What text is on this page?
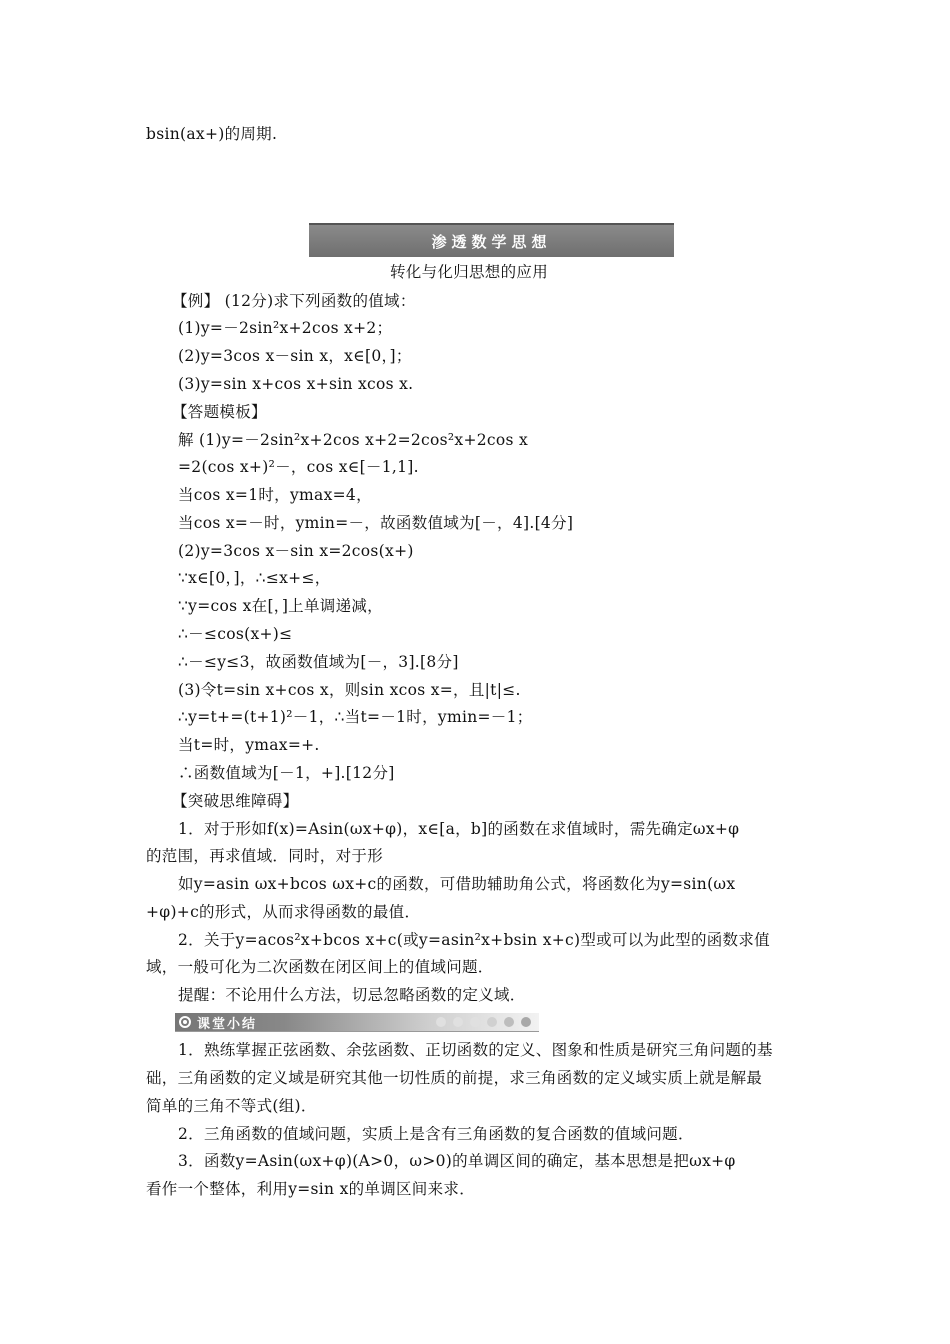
bsin(ax+)的周期.
渗透数学思想
转化与化归思想的应用
【例】 (12分)求下列函数的值域：
(1)y=－2sin²x+2cos x+2；
(2)y=3cos x－sin x，x∈[0，]；
(3)y=sin x+cos x+sin xcos x.
【答题模板】
解 (1)y=－2sin²x+2cos x+2=2cos²x+2cos x
=2(cos x+)²－，cos x∈[－1,1].
当cos x=1时，ymax=4，
当cos x=－时，ymin=－，故函数值域为[－，4].[4分]
(2)y=3cos x－sin x=2cos(x+)
∵x∈[0，]，∴≤x+≤，
∵y=cos x在[，]上单调递减，
∴－≤cos(x+)≤
∴－≤y≤3，故函数值域为[－，3].[8分]
(3)令t=sin x+cos x，则sin xcos x=，且|t|≤.
∴y=t+=(t+1)²－1，∴当t=－1时，ymin=－1；
当t=时，ymax=+.
∴函数值域为[－1，+].[12分]
【突破思维障碍】
1．对于形如f(x)=Asin(ωx+φ)，x∈[a，b]的函数在求值域时，需先确定ωx+φ
的范围，再求值域．同时，对于形
如y=asin ωx+bcos ωx+c的函数，可借助辅助角公式，将函数化为y=sin(ωx
+φ)+c的形式，从而求得函数的最值．
2．关于y=acos²x+bcos x+c(或y=asin²x+bsin x+c)型或可以为此型的函数求值
域，一般可化为二次函数在闭区间上的值域问题．
提醒：不论用什么方法，切忌忽略函数的定义域．
课堂小结
1．熟练掌握正弦函数、余弦函数、正切函数的定义、图象和性质是研究三角问题的基
础，三角函数的定义域是研究其他一切性质的前提，求三角函数的定义域实质上就是解最
简单的三角不等式(组)．
2．三角函数的值域问题，实质上是含有三角函数的复合函数的值域问题．
3．函数y=Asin(ωx+φ)(A>0，ω>0)的单调区间的确定，基本思想是把ωx+φ
看作一个整体，利用y=sin x的单调区间来求．
